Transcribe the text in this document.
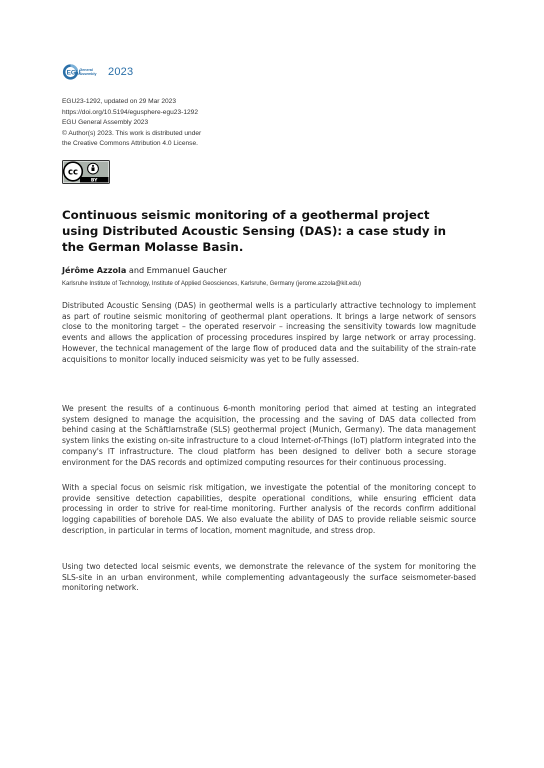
EGU General
Assembly 2023
EGU23-1292, updated on 29 Mar 2023
https://doi.org/10.5194/egusphere-egu23-1292
EGU General Assembly 2023
© Author(s) 2023. This work is distributed under
the Creative Commons Attribution 4.0 License.
cc
BY
Continuous seismic monitoring of a geothermal project using Distributed Acoustic Sensing (DAS): a case study in the German Molasse Basin.
Jérôme Azzola and Emmanuel Gaucher
Karlsruhe Institute of Technology, Institute of Applied Geosciences, Karlsruhe, Germany (jerome.azzola@kit.edu)

Distributed Acoustic Sensing (DAS) in geothermal wells is a particularly attractive technology to implement as part of routine seismic monitoring of geothermal plant operations. It brings a large network of sensors close to the monitoring target – the operated reservoir – increasing the sensitivity towards low magnitude events and allows the application of processing procedures inspired by large network or array processing. However, the technical management of the large flow of produced data and the suitability of the strain-rate acquisitions to monitor locally induced seismicity was yet to be fully assessed.

We present the results of a continuous 6-month monitoring period that aimed at testing an integrated system designed to manage the acquisition, the processing and the saving of DAS data collected from behind casing at the Schäftlarnstraße (SLS) geothermal project (Munich, Germany). The data management system links the existing on-site infrastructure to a cloud Internet-of-Things (IoT) platform integrated into the company's IT infrastructure. The cloud platform has been designed to deliver both a secure storage environment for the DAS records and optimized computing resources for their continuous processing.

With a special focus on seismic risk mitigation, we investigate the potential of the monitoring concept to provide sensitive detection capabilities, despite operational conditions, while ensuring efficient data processing in order to strive for real-time monitoring. Further analysis of the records confirm additional logging capabilities of borehole DAS. We also evaluate the ability of DAS to provide reliable seismic source description, in particular in terms of location, moment magnitude, and stress drop.

Using two detected local seismic events, we demonstrate the relevance of the system for monitoring the SLS-site in an urban environment, while complementing advantageously the surface seismometer-based monitoring network.
